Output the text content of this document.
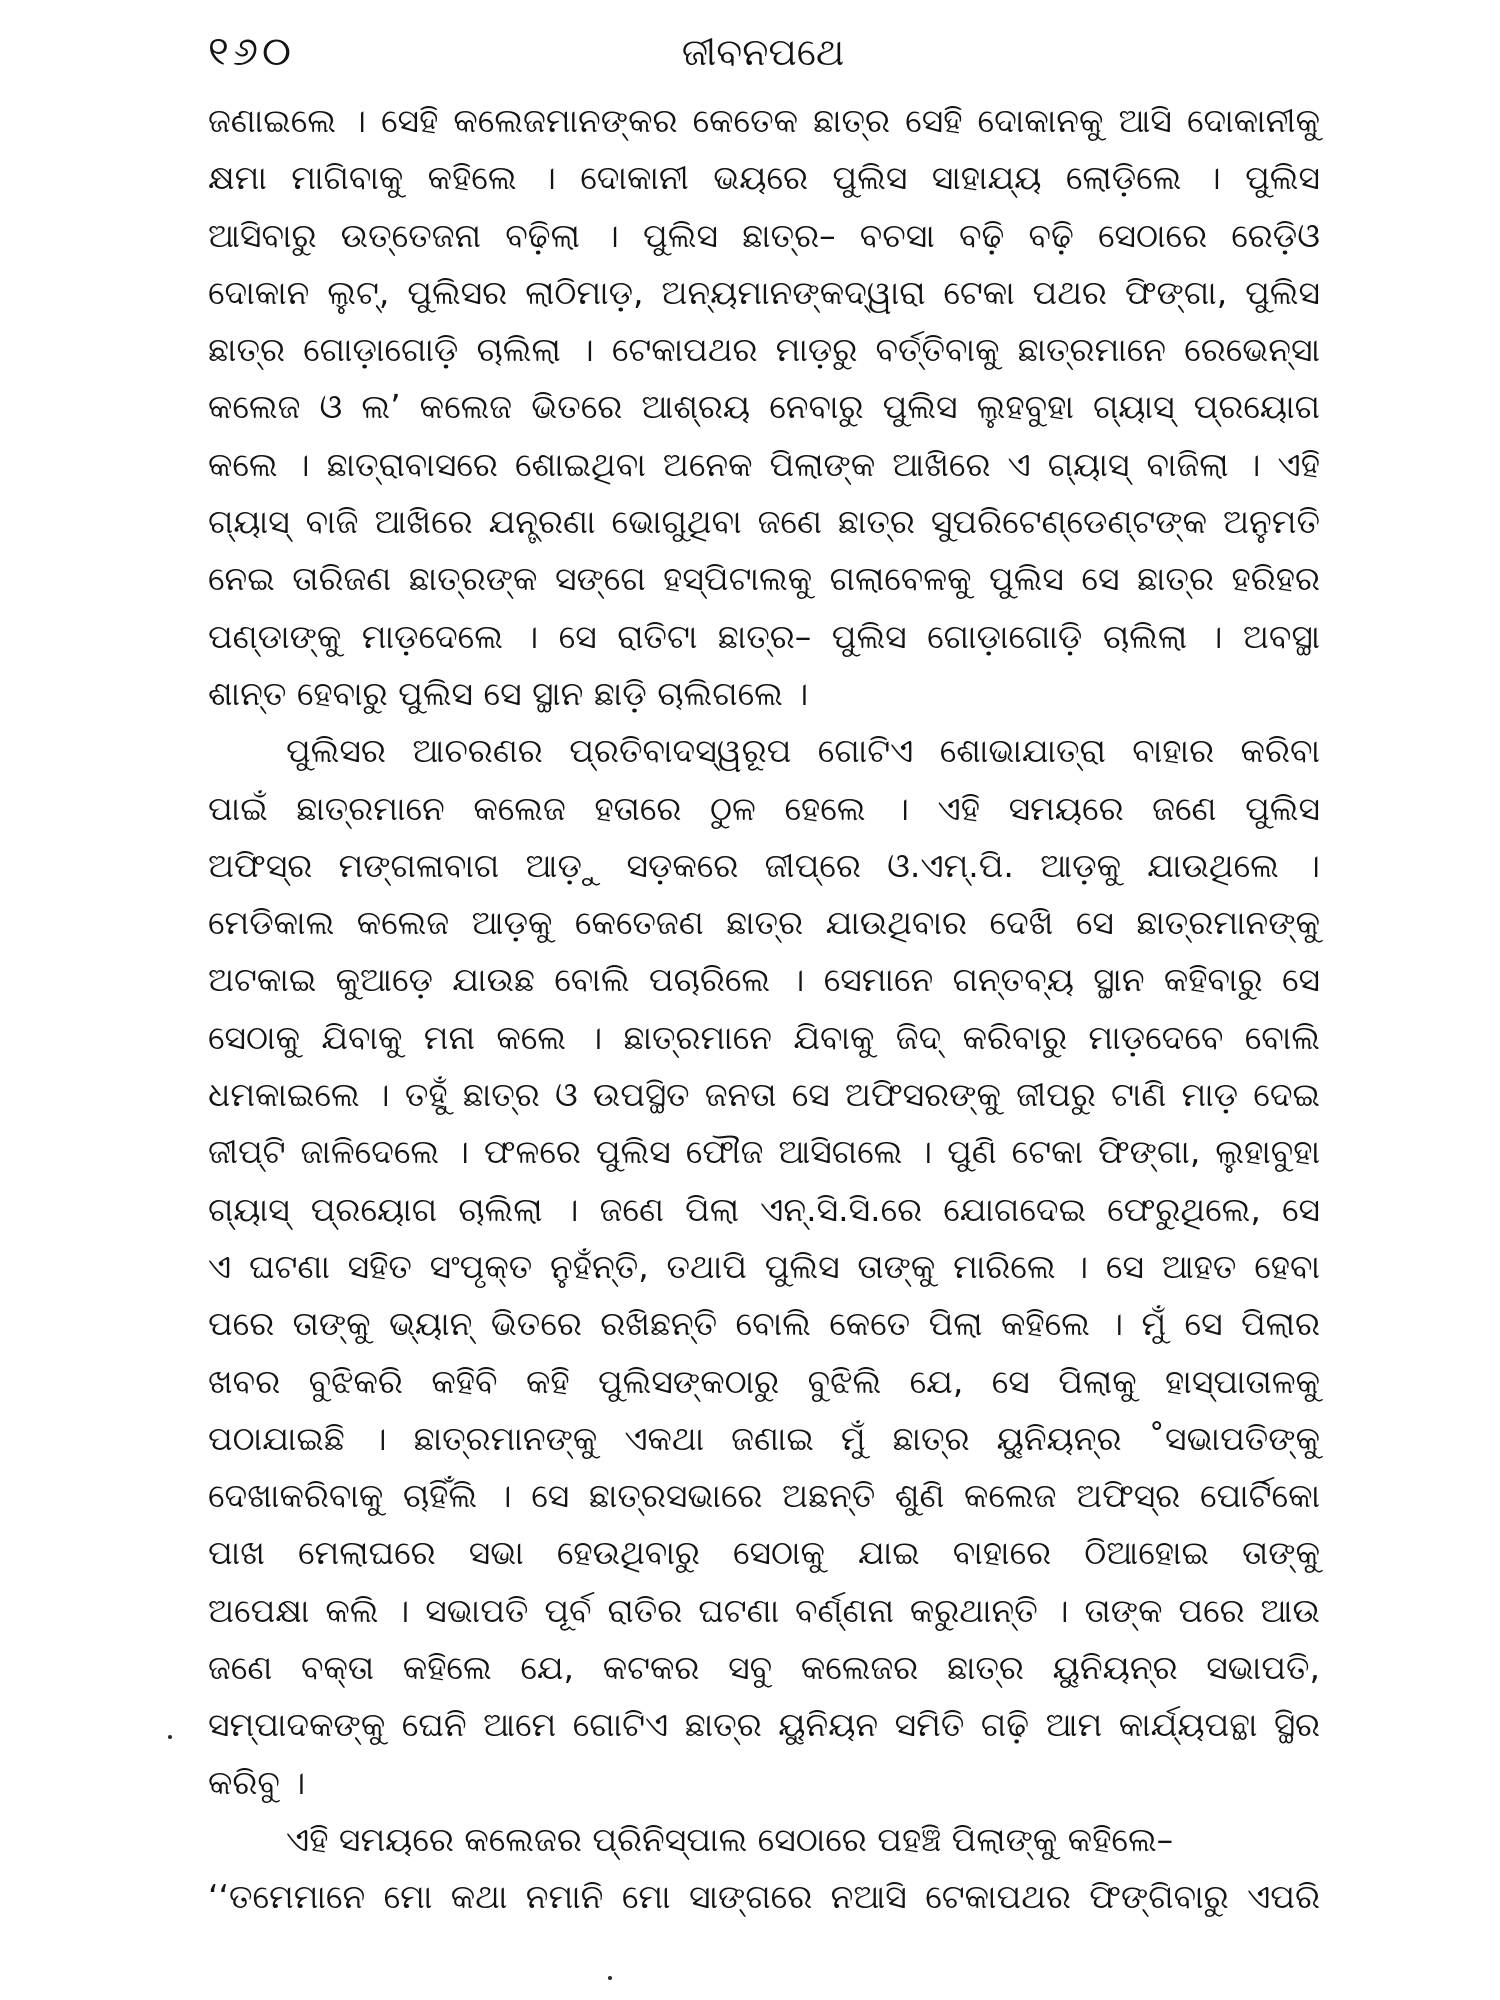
୧୬୦	ଜୀବନପଥେ
ଜଣାଇଲେ । ସେହି କଲେଜମାନଙ୍କର କେତେକ ଛାତ୍ର ସେହି ଦୋକାନକୁ ଆସି ଦୋକାନୀକୁ
କ୍ଷମା ମାଗିବାକୁ କହିଲେ । ଦୋକାନୀ ଭୟରେ ପୁଲିସ ସାହାଯ୍ୟ ଲୋଡ଼ିଲେ । ପୁଲିସ
ଆସିବାରୁ ଉତ୍ତେଜନା ବଢ଼ିଲା । ପୁଲିସ ଛାତ୍ର– ବଚସା ବଢ଼ି ବଢ଼ି ସେଠାରେ ରେଡ଼ିଓ
ଦୋକାନ ଲୁଟ୍, ପୁଲିସର ଲାଠିମାଡ଼, ଅନ୍ୟମାନଙ୍କଦ୍ୱାରା ଟେକା ପଥର ଫିଙ୍ଗା, ପୁଲିସ
ଛାତ୍ର ଗୋଡ଼ାଗୋଡ଼ି ଚାଲିଲା । ଟେକାପଥର ମାଡ଼ରୁ ବର୍ତ୍ତିବାକୁ ଛାତ୍ରମାନେ ରେଭେନ୍‌ସା
କଲେଜ ଓ ଲ’ କଲେଜ ଭିତରେ ଆଶ୍ରୟ ନେବାରୁ ପୁଲିସ ଲୁହବୁହା ଗ୍ୟାସ୍ ପ୍ରୟୋଗ
କଲେ । ଛାତ୍ରାବାସରେ ଶୋଇଥିବା ଅନେକ ପିଲାଙ୍କ ଆଖିରେ ଏ ଗ୍ୟାସ୍ ବାଜିଲା । ଏହି
ଗ୍ୟାସ୍ ବାଜି ଆଖିରେ ଯନ୍ତ୍ରଣା ଭୋଗୁଥିବା ଜଣେ ଛାତ୍ର ସୁପରିଟେଣ୍ଡେଣ୍ଟଙ୍କ ଅନୁମତି
ନେଇ ତାରିଜଣ ଛାତ୍ରଙ୍କ ସଙ୍ଗେ ହସ୍‌ପିଟାଲକୁ ଗଲାବେଳକୁ ପୁଲିସ ସେ ଛାତ୍ର ହରିହର
ପଣ୍ଡାଙ୍କୁ ମାଡ଼ଦେଲେ । ସେ ରାତିଟା ଛାତ୍ର– ପୁଲିସ ଗୋଡ଼ାଗୋଡ଼ି ଚାଲିଲା । ଅବସ୍ଥା
ଶାନ୍ତ ହେବାରୁ ପୁଲିସ ସେ ସ୍ଥାନ ଛାଡ଼ି ଚାଲିଗଲେ ।
ପୁଲିସର ଆଚରଣର ପ୍ରତିବାଦସ୍ୱରୂପ ଗୋଟିଏ ଶୋଭାଯାତ୍ରା ବାହାର କରିବା
ପାଇଁ ଛାତ୍ରମାନେ କଲେଜ ହତାରେ ଠୁଳ ହେଲେ । ଏହି ସମୟରେ ଜଣେ ପୁଲିସ
ଅଫିସ୍‌ର ମଙ୍ଗଳାବାଗ ଆଡ଼ୁ ସଡ଼କରେ ଜୀପ୍‌ରେ ଓ.ଏମ୍.ପି. ଆଡ଼କୁ ଯାଉଥିଲେ ।
ମେଡିକାଲ କଲେଜ ଆଡ଼କୁ କେତେଜଣ ଛାତ୍ର ଯାଉଥିବାର ଦେଖି ସେ ଛାତ୍ରମାନଙ୍କୁ
ଅଟକାଇ କୁଆଡ଼େ ଯାଉଛ ବୋଲି ପଚାରିଲେ । ସେମାନେ ଗନ୍ତବ୍ୟ ସ୍ଥାନ କହିବାରୁ ସେ
ସେଠାକୁ ଯିବାକୁ ମନା କଲେ । ଛାତ୍ରମାନେ ଯିବାକୁ ଜିଦ୍ କରିବାରୁ ମାଡ଼ଦେବେ ବୋଲି
ଧମକାଇଲେ । ତହୁଁ ଛାତ୍ର ଓ ଉପସ୍ଥିତ ଜନତା ସେ ଅଫିସରଙ୍କୁ ଜୀପରୁ ଟାଣି ମାଡ଼ ଦେଇ
ଜୀପ୍‌ଟି ଜାଳିଦେଲେ । ଫଳରେ ପୁଲିସ ଫୌଜ ଆସିଗଲେ । ପୁଣି ଟେକା ଫିଙ୍ଗା, ଲୁହାବୁହା
ଗ୍ୟାସ୍ ପ୍ରୟୋଗ ଚାଲିଲା । ଜଣେ ପିଲା ଏନ୍.ସି.ସି.ରେ ଯୋଗଦେଇ ଫେରୁଥିଲେ, ସେ
ଏ ଘଟଣା ସହିତ ସଂପୃକ୍ତ ନୁହଁନ୍ତି, ତଥାପି ପୁଲିସ ତାଙ୍କୁ ମାରିଲେ । ସେ ଆହତ ହେବା
ପରେ ତାଙ୍କୁ ଭ୍ୟାନ୍ ଭିତରେ ରଖିଛନ୍ତି ବୋଲି କେତେ ପିଲା କହିଲେ । ମୁଁ ସେ ପିଲାର
ଖବର ବୁଝିକରି କହିବି କହି ପୁଲିସଙ୍କଠାରୁ ବୁଝିଲି ଯେ, ସେ ପିଲାକୁ ହାସ୍‌ପାତାଳକୁ
ପଠାଯାଇଛି । ଛାତ୍ରମାନଙ୍କୁ ଏକଥା ଜଣାଇ ମୁଁ ଛାତ୍ର ୟୁନିୟନ୍‌ର ˚ସଭାପତିଙ୍କୁ
ଦେଖାକରିବାକୁ ଚାହିଁଲି । ସେ ଛାତ୍ରସଭାରେ ଅଛନ୍ତି ଶୁଣି କଲେଜ ଅଫିସ୍‌ର ପୋର୍ଟିକୋ
ପାଖ ମେଲାଘରେ ସଭା ହେଉଥିବାରୁ ସେଠାକୁ ଯାଇ ବାହାରେ ଠିଆହୋଇ ତାଙ୍କୁ
ଅପେକ୍ଷା କଲି । ସଭାପତି ପୂର୍ବ ରାତିର ଘଟଣା ବର୍ଣ୍ଣନା କରୁଥାନ୍ତି । ତାଙ୍କ ପରେ ଆଉ
ଜଣେ ବକ୍ତା କହିଲେ ଯେ, କଟକର ସବୁ କଲେଜର ଛାତ୍ର ୟୁନିୟନ୍‌ର ସଭାପତି,
ସମ୍ପାଦକଙ୍କୁ ଘେନି ଆମେ ଗୋଟିଏ ଛାତ୍ର ୟୁନିୟନ ସମିତି ଗଢ଼ି ଆମ କାର୍ଯ୍ୟପନ୍ଥା ସ୍ଥିର
କରିବୁ ।
ଏହି ସମୟରେ କଲେଜର ପ୍ରିନିସ୍‌ପାଲ ସେଠାରେ ପହଞ୍ଚି ପିଲାଙ୍କୁ କହିଲେ–
‘‘ତମେମାନେ ମୋ କଥା ନମାନି ମୋ ସାଙ୍ଗରେ ନଆସି ଟେକାପଥର ଫିଙ୍ଗିବାରୁ ଏପରି
